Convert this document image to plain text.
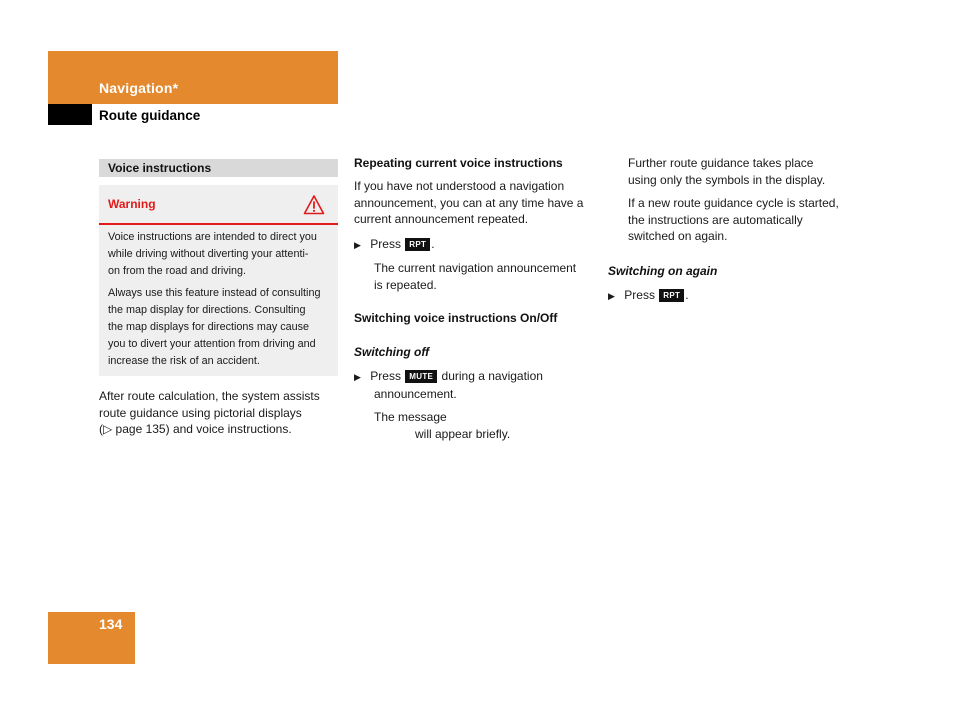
Navigation*
Route guidance
Voice instructions
Warning
Voice instructions are intended to direct you
while driving without diverting your attenti-
on from the road and driving.
Always use this feature instead of consulting
the map display for directions. Consulting
the map displays for directions may cause
you to divert your attention from driving and
increase the risk of an accident.
After route calculation, the system assists
route guidance using pictorial displays
(▷ page 135) and voice instructions.
Repeating current voice instructions
If you have not understood a navigation
announcement, you can at any time have a
current announcement repeated.
▶ Press RPT .
The current navigation announcement
is repeated.
Switching voice instructions On/Off
Switching off
▶ Press MUTE during a navigation
announcement.
The message
will appear briefly.
Further route guidance takes place
using only the symbols in the display.
If a new route guidance cycle is started,
the instructions are automatically
switched on again.
Switching on again
▶ Press RPT .
134
